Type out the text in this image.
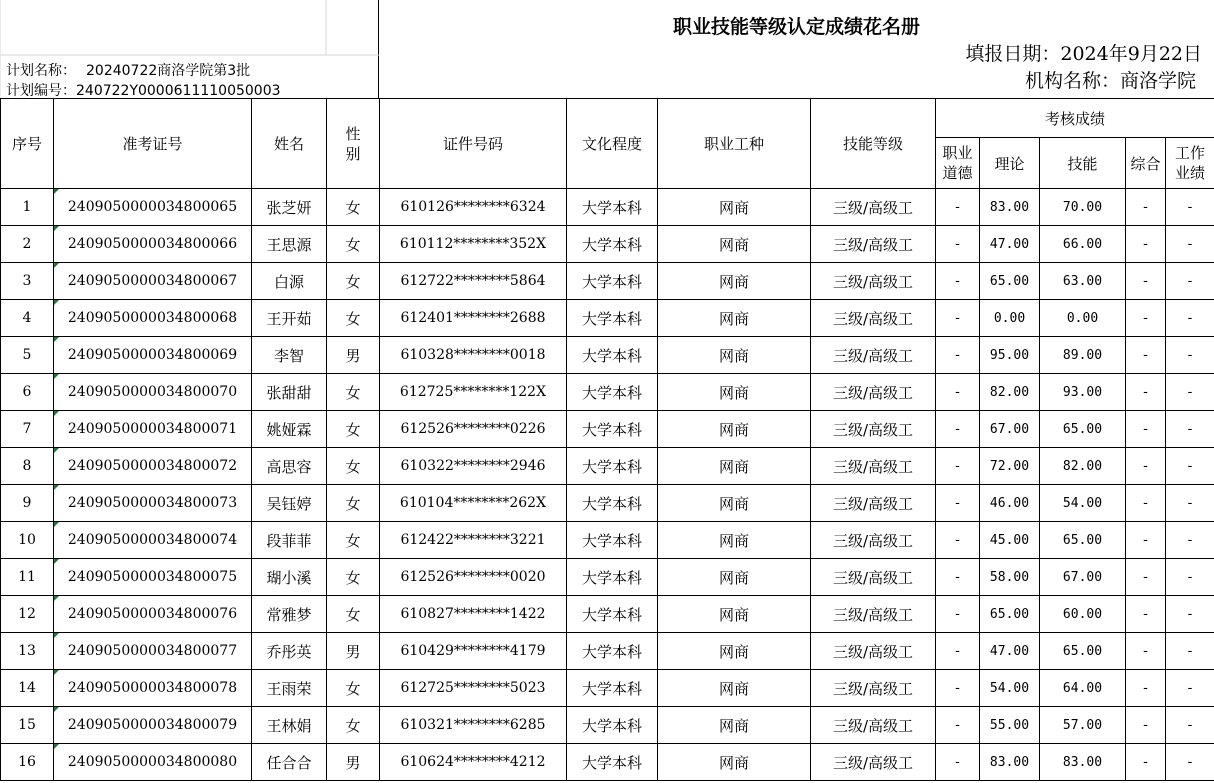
计划名称： 20240722商洛学院第3批
计划编号：240722Y0000611110050003
职业技能等级认定成绩花名册
填报日期：2024年9月22日
机构名称：商洛学院
序号	准考证号	姓名	性别	证件号码	文化程度	职业工种	技能等级	考核成绩				

								职业道德	理论	技能	综合	工作业绩

1	2409050000034800065	张芝妍	女	610126********6324	大学本科	网商	三级/高级工	-	83.00	70.00	-	-
2	2409050000034800066	王思源	女	610112********352X	大学本科	网商	三级/高级工	-	47.00	66.00	-	-
3	2409050000034800067	白源	女	612722********5864	大学本科	网商	三级/高级工	-	65.00	63.00	-	-
4	2409050000034800068	王开茹	女	612401********2688	大学本科	网商	三级/高级工	-	0.00	0.00	-	-
5	2409050000034800069	李智	男	610328********0018	大学本科	网商	三级/高级工	-	95.00	89.00	-	-
6	2409050000034800070	张甜甜	女	612725********122X	大学本科	网商	三级/高级工	-	82.00	93.00	-	-
7	2409050000034800071	姚娅霖	女	612526********0226	大学本科	网商	三级/高级工	-	67.00	65.00	-	-
8	2409050000034800072	高思容	女	610322********2946	大学本科	网商	三级/高级工	-	72.00	82.00	-	-
9	2409050000034800073	吴钰婷	女	610104********262X	大学本科	网商	三级/高级工	-	46.00	54.00	-	-
10	2409050000034800074	段菲菲	女	612422********3221	大学本科	网商	三级/高级工	-	45.00	65.00	-	-
11	2409050000034800075	瑚小溪	女	612526********0020	大学本科	网商	三级/高级工	-	58.00	67.00	-	-
12	2409050000034800076	常雅梦	女	610827********1422	大学本科	网商	三级/高级工	-	65.00	60.00	-	-
13	2409050000034800077	乔彤英	男	610429********4179	大学本科	网商	三级/高级工	-	47.00	65.00	-	-
14	2409050000034800078	王雨荣	女	612725********5023	大学本科	网商	三级/高级工	-	54.00	64.00	-	-
15	2409050000034800079	王林娟	女	610321********6285	大学本科	网商	三级/高级工	-	55.00	57.00	-	-
16	2409050000034800080	任合合	男	610624********4212	大学本科	网商	三级/高级工	-	83.00	83.00	-	-
